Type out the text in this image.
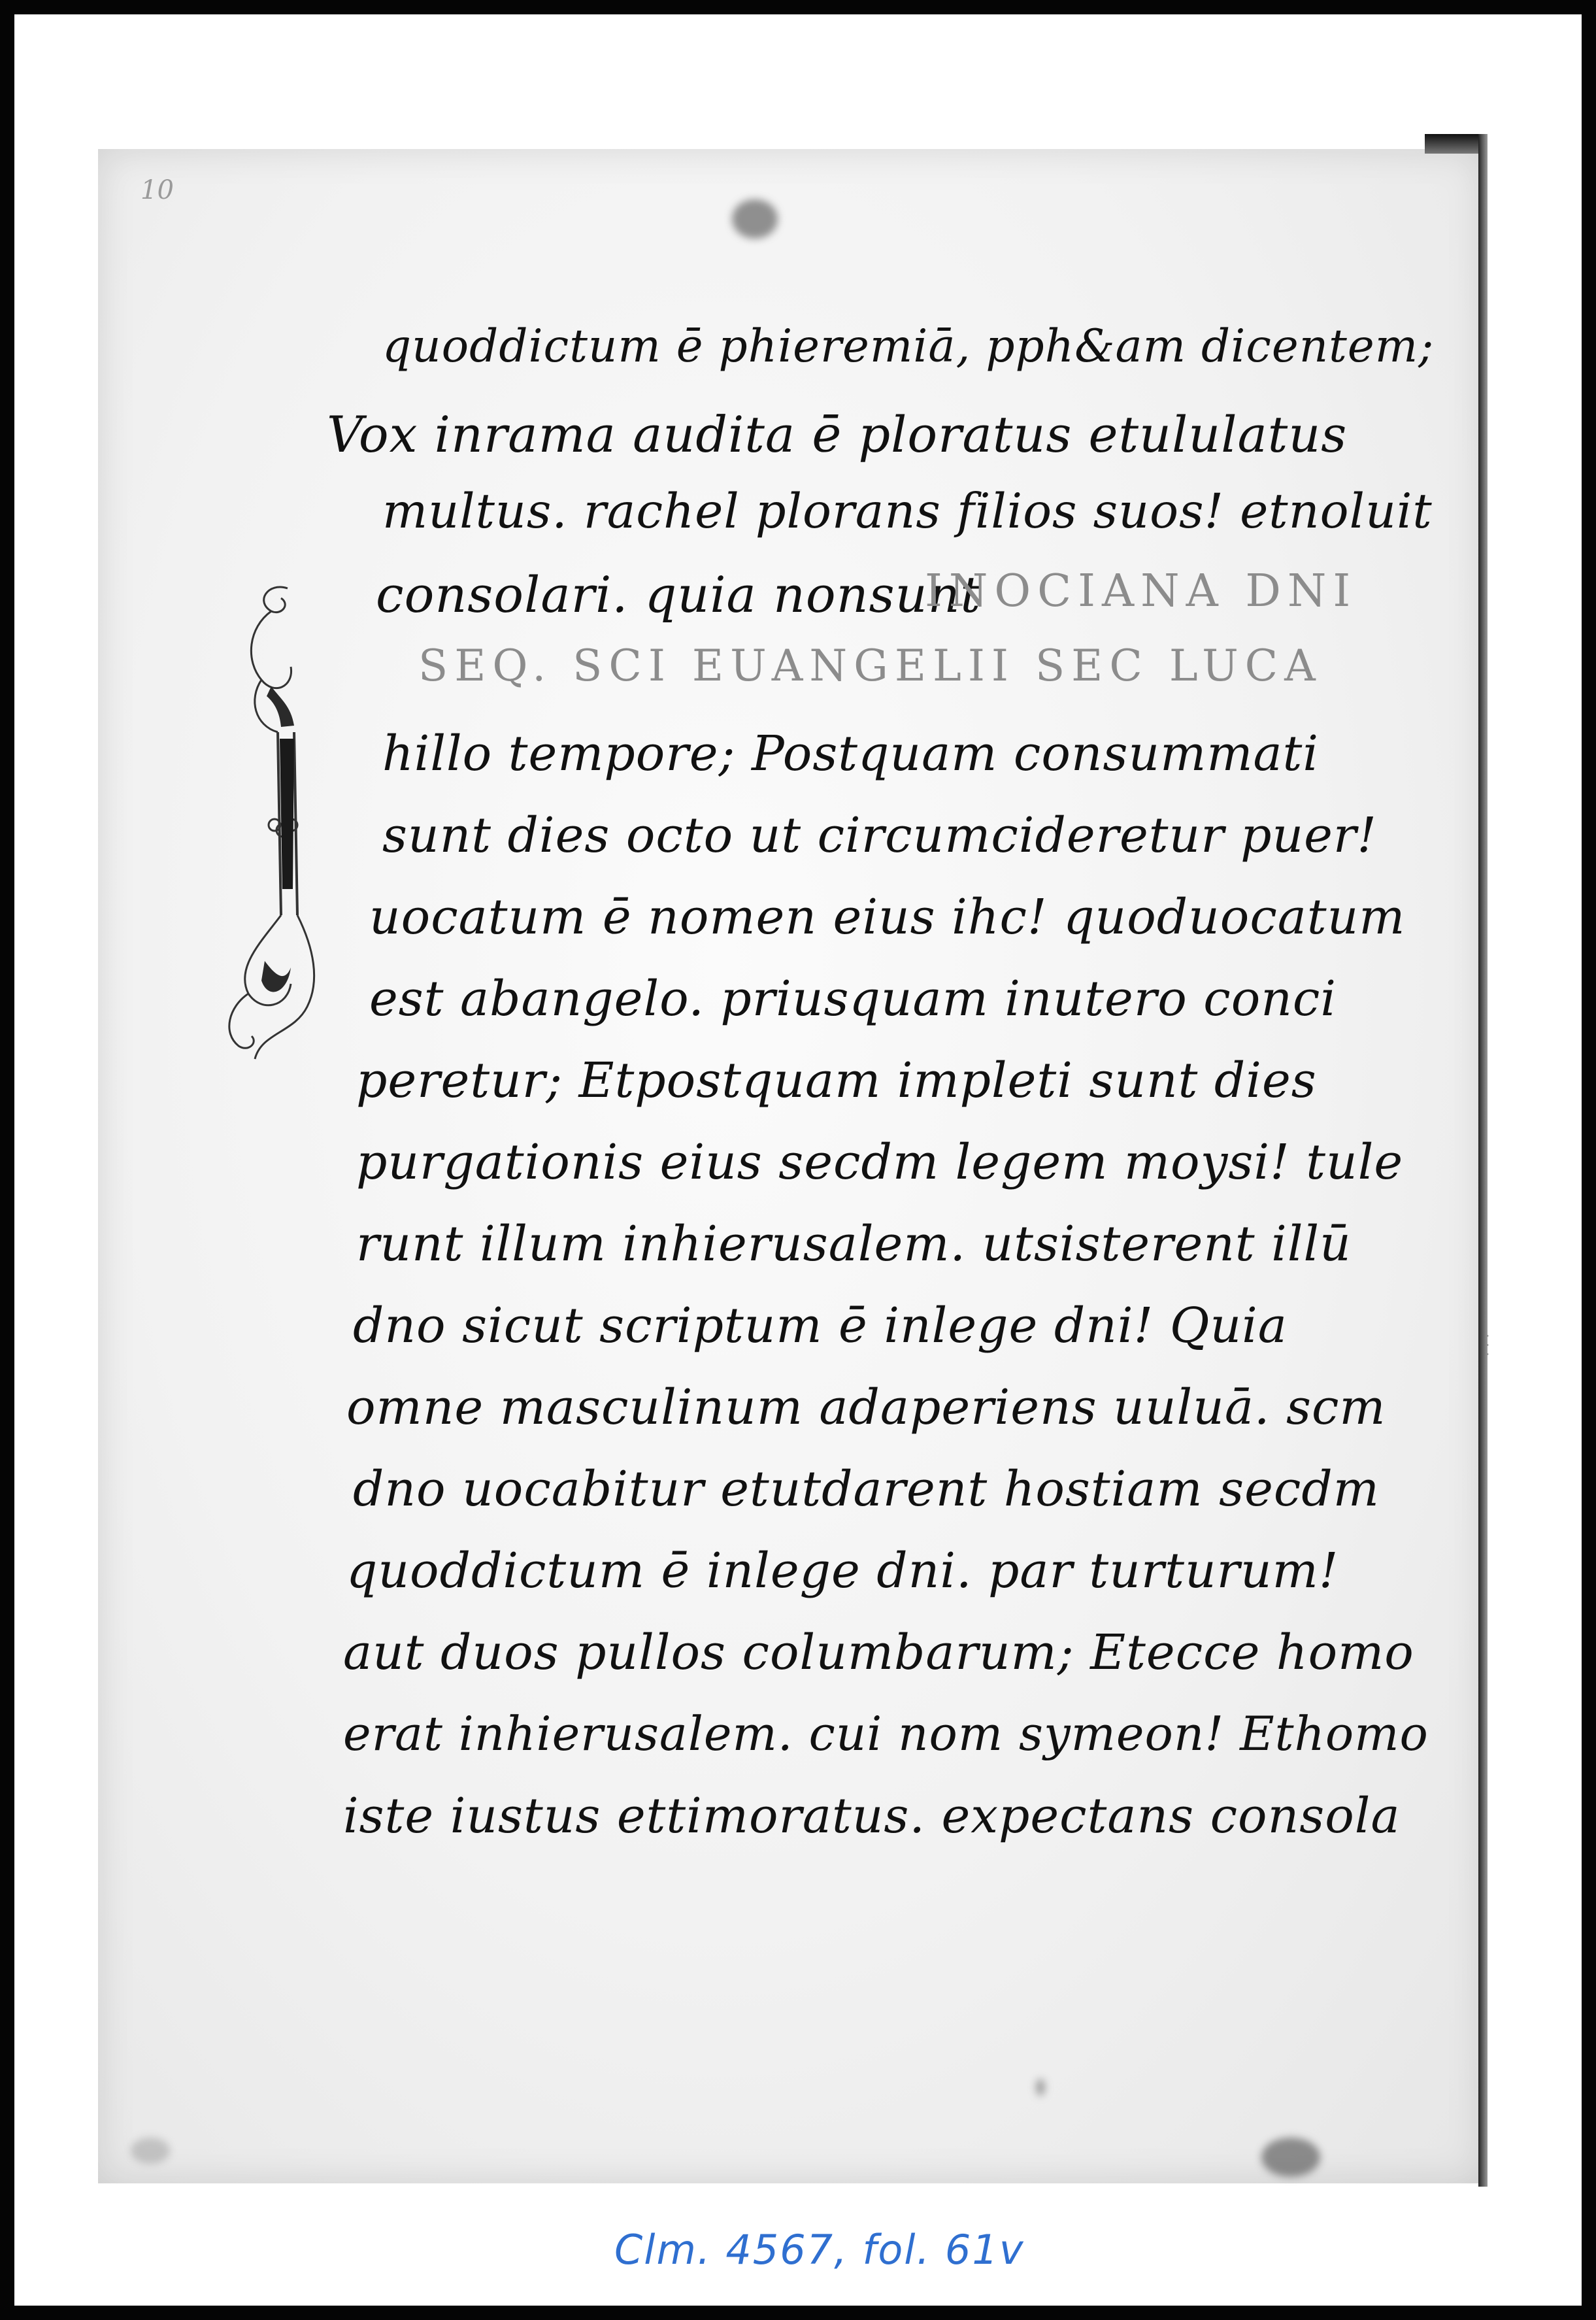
10
quoddictum ē phieremiā, pph&am dicentem;
Vox inrama audita ē ploratus etululatus
multus. rachel plorans filios suos! etnoluit
consolari. quia nonsunt
INOCIANA DNI
SEQ. SCI EUANGELII SEC LUCA
hillo tempore; Postquam consummati
sunt dies octo ut circumcideretur puer!
uocatum ē nomen eius ihc! quoduocatum
est abangelo. priusquam inutero conci
peretur; Etpostquam impleti sunt dies
purgationis eius secdm legem moysi! tule
runt illum inhierusalem. utsisterent illū
dno sicut scriptum ē inlege dni! Quia
omne masculinum adaperiens uuluā. scm
dno uocabitur etutdarent hostiam secdm
quoddictum ē inlege dni. par turturum!
aut duos pullos columbarum; Etecce homo
erat inhierusalem. cui nom symeon! Ethomo
iste iustus ettimoratus. expectans consola
· · ·
Clm. 4567, fol. 61v
